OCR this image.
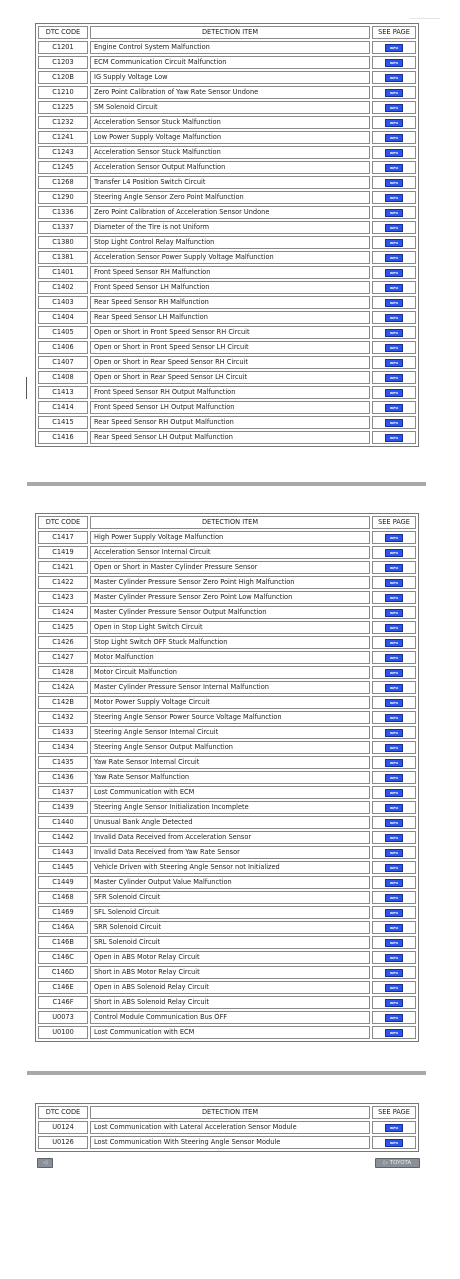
DTC CODE	DETECTION ITEM	SEE PAGE
C1201	Engine Control System Malfunction	INFO
C1203	ECM Communication Circuit Malfunction	INFO
C120B	IG Supply Voltage Low	INFO
C1210	Zero Point Calibration of Yaw Rate Sensor Undone	INFO
C1225	SM Solenoid Circuit	INFO
C1232	Acceleration Sensor Stuck Malfunction	INFO
C1241	Low Power Supply Voltage Malfunction	INFO
C1243	Acceleration Sensor Stuck Malfunction	INFO
C1245	Acceleration Sensor Output Malfunction	INFO
C1268	Transfer L4 Position Switch Circuit	INFO
C1290	Steering Angle Sensor Zero Point Malfunction	INFO
C1336	Zero Point Calibration of Acceleration Sensor Undone	INFO
C1337	Diameter of the Tire is not Uniform	INFO
C1380	Stop Light Control Relay Malfunction	INFO
C1381	Acceleration Sensor Power Supply Voltage Malfunction	INFO
C1401	Front Speed Sensor RH Malfunction	INFO
C1402	Front Speed Sensor LH Malfunction	INFO
C1403	Rear Speed Sensor RH Malfunction	INFO
C1404	Rear Speed Sensor LH Malfunction	INFO
C1405	Open or Short in Front Speed Sensor RH Circuit	INFO
C1406	Open or Short in Front Speed Sensor LH Circuit	INFO
C1407	Open or Short in Rear Speed Sensor RH Circuit	INFO
C1408	Open or Short in Rear Speed Sensor LH Circuit	INFO
C1413	Front Speed Sensor RH Output Malfunction	INFO
C1414	Front Speed Sensor LH Output Malfunction	INFO
C1415	Rear Speed Sensor RH Output Malfunction	INFO
C1416	Rear Speed Sensor LH Output Malfunction	INFO
DTC CODE	DETECTION ITEM	SEE PAGE
C1417	High Power Supply Voltage Malfunction	INFO
C1419	Acceleration Sensor Internal Circuit	INFO
C1421	Open or Short in Master Cylinder Pressure Sensor	INFO
C1422	Master Cylinder Pressure Sensor Zero Point High Malfunction	INFO
C1423	Master Cylinder Pressure Sensor Zero Point Low Malfunction	INFO
C1424	Master Cylinder Pressure Sensor Output Malfunction	INFO
C1425	Open in Stop Light Switch Circuit	INFO
C1426	Stop Light Switch OFF Stuck Malfunction	INFO
C1427	Motor Malfunction	INFO
C1428	Motor Circuit Malfunction	INFO
C142A	Master Cylinder Pressure Sensor Internal Malfunction	INFO
C142B	Motor Power Supply Voltage Circuit	INFO
C1432	Steering Angle Sensor Power Source Voltage Malfunction	INFO
C1433	Steering Angle Sensor Internal Circuit	INFO
C1434	Steering Angle Sensor Output Malfunction	INFO
C1435	Yaw Rate Sensor Internal Circuit	INFO
C1436	Yaw Rate Sensor Malfunction	INFO
C1437	Lost Communication with ECM	INFO
C1439	Steering Angle Sensor Initialization Incomplete	INFO
C1440	Unusual Bank Angle Detected	INFO
C1442	Invalid Data Received from Acceleration Sensor	INFO
C1443	Invalid Data Received from Yaw Rate Sensor	INFO
C1445	Vehicle Driven with Steering Angle Sensor not Initialized	INFO
C1449	Master Cylinder Output Value Malfunction	INFO
C1468	SFR Solenoid Circuit	INFO
C1469	SFL Solenoid Circuit	INFO
C146A	SRR Solenoid Circuit	INFO
C146B	SRL Solenoid Circuit	INFO
C146C	Open in ABS Motor Relay Circuit	INFO
C146D	Short in ABS Motor Relay Circuit	INFO
C146E	Open in ABS Solenoid Relay Circuit	INFO
C146F	Short in ABS Solenoid Relay Circuit	INFO
U0073	Control Module Communication Bus OFF	INFO
U0100	Lost Communication with ECM	INFO
DTC CODE	DETECTION ITEM	SEE PAGE
U0124	Lost Communication with Lateral Acceleration Sensor Module	INFO
U0126	Lost Communication With Steering Angle Sensor Module	INFO
◁	▷ TOYOTA
